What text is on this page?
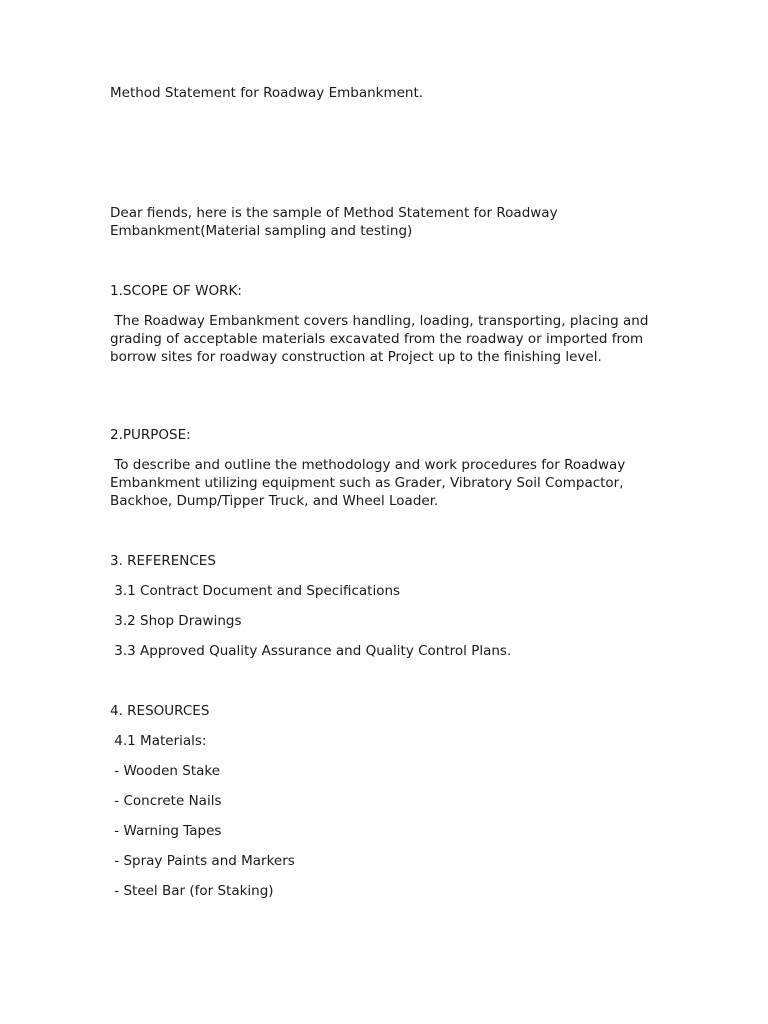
Method Statement for Roadway Embankment.
Dear fiends, here is the sample of Method Statement for Roadway Embankment(Material sampling and testing)
1.SCOPE OF WORK:
The Roadway Embankment covers handling, loading, transporting, placing and grading of acceptable materials excavated from the roadway or imported from borrow sites for roadway construction at Project up to the finishing level.
2.PURPOSE:
To describe and outline the methodology and work procedures for Roadway Embankment utilizing equipment such as Grader, Vibratory Soil Compactor, Backhoe, Dump/Tipper Truck, and Wheel Loader.
3. REFERENCES
3.1 Contract Document and Specifications
3.2 Shop Drawings
3.3 Approved Quality Assurance and Quality Control Plans.
4. RESOURCES
4.1 Materials:
- Wooden Stake
- Concrete Nails
- Warning Tapes
- Spray Paints and Markers
- Steel Bar (for Staking)
